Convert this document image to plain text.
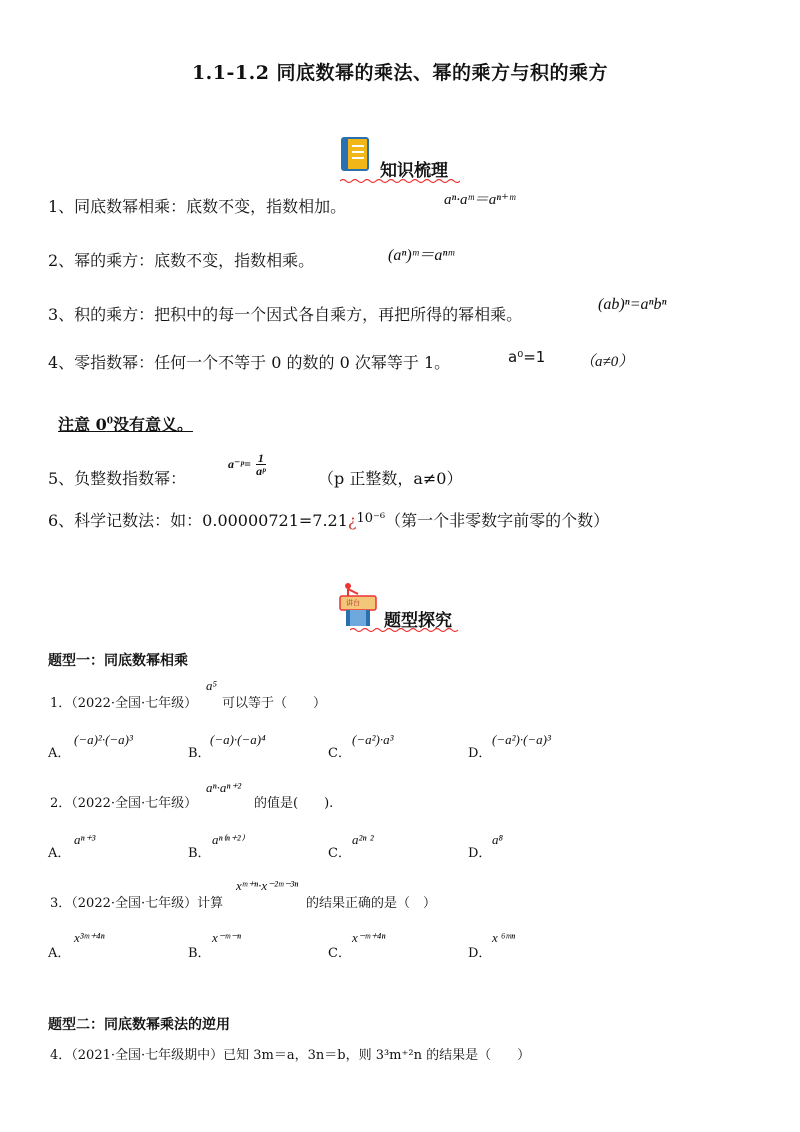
1.1-1.2 同底数幂的乘法、幂的乘方与积的乘方
知识梳理
1、同底数幂相乘：底数不变，指数相加。	aⁿ·aᵐ＝aⁿ⁺ᵐ
2、幂的乘方：底数不变，指数相乘。	(aⁿ)ᵐ＝aⁿᵐ
3、积的乘方：把积中的每一个因式各自乘方，再把所得的幂相乘。
(ab)ⁿ=aⁿbⁿ
4、零指数幂：任何一个不等于 0 的数的 0 次幂等于 1。	a⁰=1 （a≠0）
注意 $0^0$没有意义。
5、负整数指数幂：
a⁻ᵖ= $\frac{1}{\text{aᵖ}}$
（p 正整数，a≠0）
6、科学记数法：如：0.00000721=7.21¿$^{10^{-6}}$（第一个非零数字前零的个数）
讲台
题型探究
题型一：同底数幂相乘
1．（2022·全国·七年级）
a⁵
可以等于（　　）
A．
(−a)²·(−a)³
B．
(−a)·(−a)⁴
C．
(−a²)·a³
D．
(−a²)·(−a)³
2．（2022·全国·七年级）
aⁿ·aⁿ⁺²
的值是(　　).
A．
aⁿ⁺³
B．
aⁿ⁽ⁿ⁺²⁾
C．
a²ⁿ ²
D．
a⁸
3．（2022·全国·七年级）计算
xᵐ⁺ⁿ·x⁻²ᵐ⁻³ⁿ
的结果正确的是（　）
A．
x³ᵐ⁺⁴ⁿ
B．
x⁻ᵐ⁻ⁿ
C．
x⁻ᵐ⁺⁴ⁿ
D．
x ⁶ᵐⁿ
题型二：同底数幂乘法的逆用
4．（2021·全国·七年级期中）已知 3m＝a，3n＝b，则 3³m⁺²n 的结果是（　　）
